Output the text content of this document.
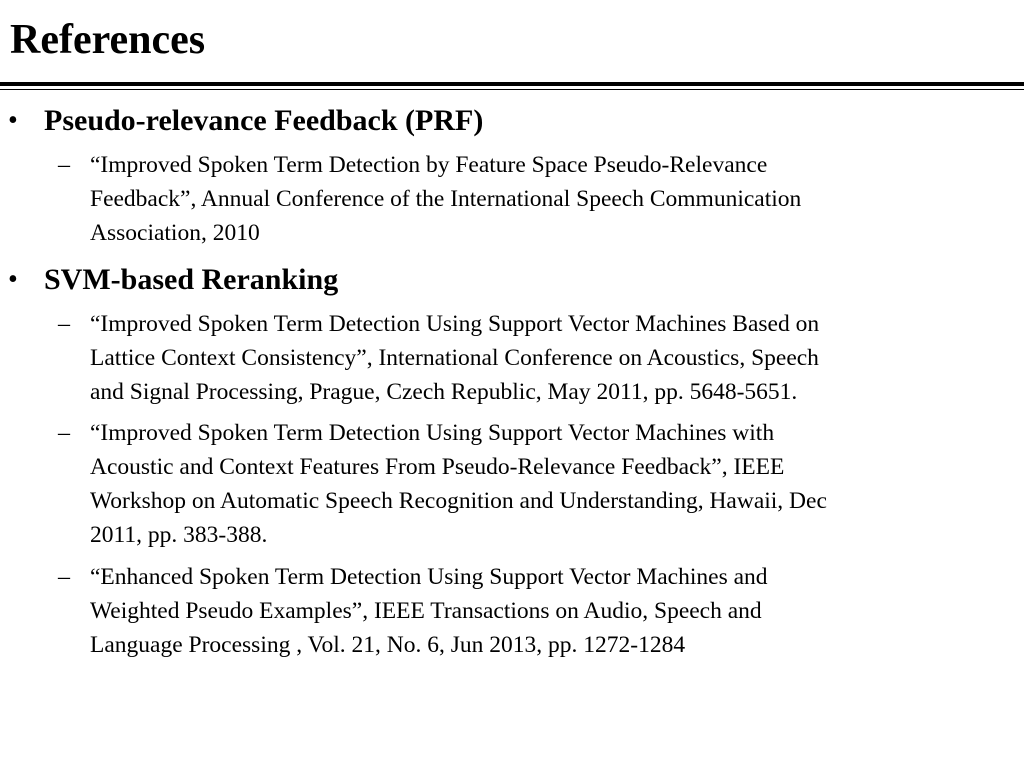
References
• Pseudo-relevance Feedback (PRF)
– “Improved Spoken Term Detection by Feature Space Pseudo-Relevance
Feedback”, Annual Conference of the International Speech Communication
Association, 2010
• SVM-based Reranking
– “Improved Spoken Term Detection Using Support Vector Machines Based on
Lattice Context Consistency”, International Conference on Acoustics, Speech
and Signal Processing, Prague, Czech Republic, May 2011, pp. 5648-5651.
– “Improved Spoken Term Detection Using Support Vector Machines with
Acoustic and Context Features From Pseudo-Relevance Feedback”, IEEE
Workshop on Automatic Speech Recognition and Understanding, Hawaii, Dec
2011, pp. 383-388.
– “Enhanced Spoken Term Detection Using Support Vector Machines and
Weighted Pseudo Examples”, IEEE Transactions on Audio, Speech and
Language Processing , Vol. 21, No. 6, Jun 2013, pp. 1272-1284
